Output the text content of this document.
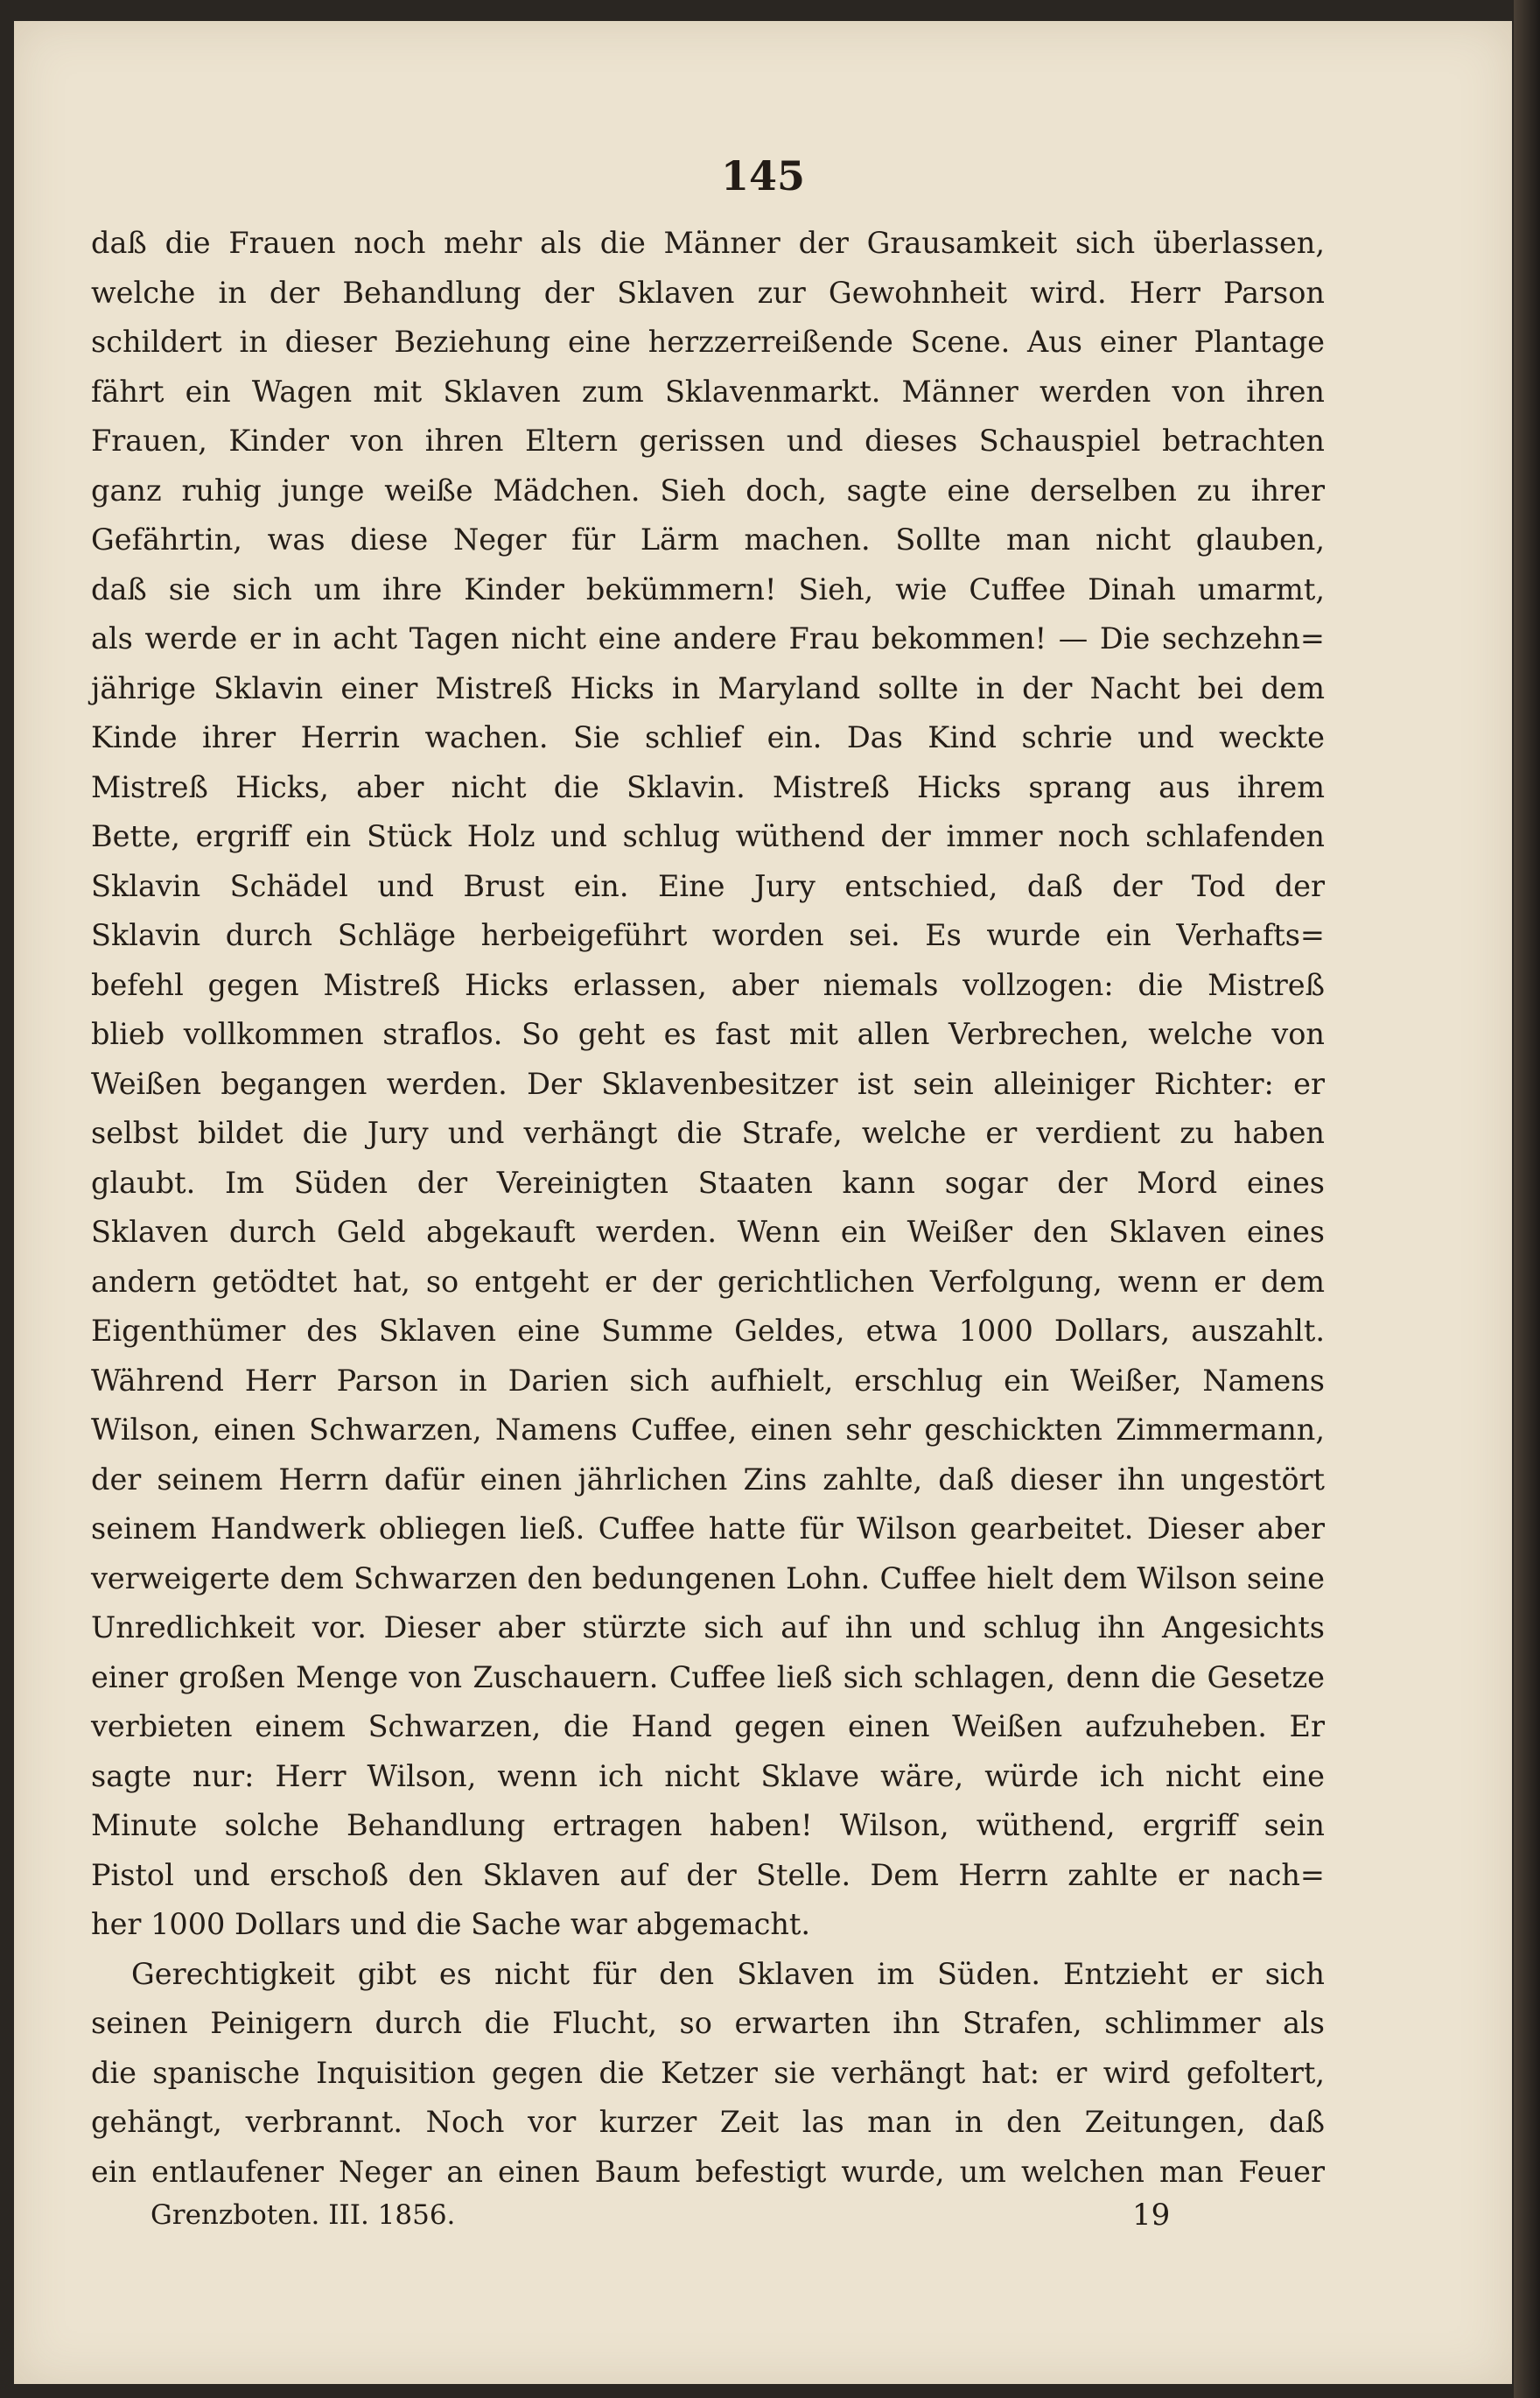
145
daß die Frauen noch mehr als die Männer der Grausamkeit sich überlassen,
welche in der Behandlung der Sklaven zur Gewohnheit wird. Herr Parson
schildert in dieser Beziehung eine herzzerreißende Scene. Aus einer Plantage
fährt ein Wagen mit Sklaven zum Sklavenmarkt. Männer werden von ihren
Frauen, Kinder von ihren Eltern gerissen und dieses Schauspiel betrachten
ganz ruhig junge weiße Mädchen. Sieh doch, sagte eine derselben zu ihrer
Gefährtin, was diese Neger für Lärm machen. Sollte man nicht glauben,
daß sie sich um ihre Kinder bekümmern! Sieh, wie Cuffee Dinah umarmt,
als werde er in acht Tagen nicht eine andere Frau bekommen! — Die sechzehn=
jährige Sklavin einer Mistreß Hicks in Maryland sollte in der Nacht bei dem
Kinde ihrer Herrin wachen. Sie schlief ein. Das Kind schrie und weckte
Mistreß Hicks, aber nicht die Sklavin. Mistreß Hicks sprang aus ihrem
Bette, ergriff ein Stück Holz und schlug wüthend der immer noch schlafenden
Sklavin Schädel und Brust ein. Eine Jury entschied, daß der Tod der
Sklavin durch Schläge herbeigeführt worden sei. Es wurde ein Verhafts=
befehl gegen Mistreß Hicks erlassen, aber niemals vollzogen: die Mistreß
blieb vollkommen straflos. So geht es fast mit allen Verbrechen, welche von
Weißen begangen werden. Der Sklavenbesitzer ist sein alleiniger Richter: er
selbst bildet die Jury und verhängt die Strafe, welche er verdient zu haben
glaubt. Im Süden der Vereinigten Staaten kann sogar der Mord eines
Sklaven durch Geld abgekauft werden. Wenn ein Weißer den Sklaven eines
andern getödtet hat, so entgeht er der gerichtlichen Verfolgung, wenn er dem
Eigenthümer des Sklaven eine Summe Geldes, etwa 1000 Dollars, auszahlt.
Während Herr Parson in Darien sich aufhielt, erschlug ein Weißer, Namens
Wilson, einen Schwarzen, Namens Cuffee, einen sehr geschickten Zimmermann,
der seinem Herrn dafür einen jährlichen Zins zahlte, daß dieser ihn ungestört
seinem Handwerk obliegen ließ. Cuffee hatte für Wilson gearbeitet. Dieser aber
verweigerte dem Schwarzen den bedungenen Lohn. Cuffee hielt dem Wilson seine
Unredlichkeit vor. Dieser aber stürzte sich auf ihn und schlug ihn Angesichts
einer großen Menge von Zuschauern. Cuffee ließ sich schlagen, denn die Gesetze
verbieten einem Schwarzen, die Hand gegen einen Weißen aufzuheben. Er
sagte nur: Herr Wilson, wenn ich nicht Sklave wäre, würde ich nicht eine
Minute solche Behandlung ertragen haben! Wilson, wüthend, ergriff sein
Pistol und erschoß den Sklaven auf der Stelle. Dem Herrn zahlte er nach=
her 1000 Dollars und die Sache war abgemacht.
Gerechtigkeit gibt es nicht für den Sklaven im Süden. Entzieht er sich
seinen Peinigern durch die Flucht, so erwarten ihn Strafen, schlimmer als
die spanische Inquisition gegen die Ketzer sie verhängt hat: er wird gefoltert,
gehängt, verbrannt. Noch vor kurzer Zeit las man in den Zeitungen, daß
ein entlaufener Neger an einen Baum befestigt wurde, um welchen man Feuer
Grenzboten. III. 1856.	19
